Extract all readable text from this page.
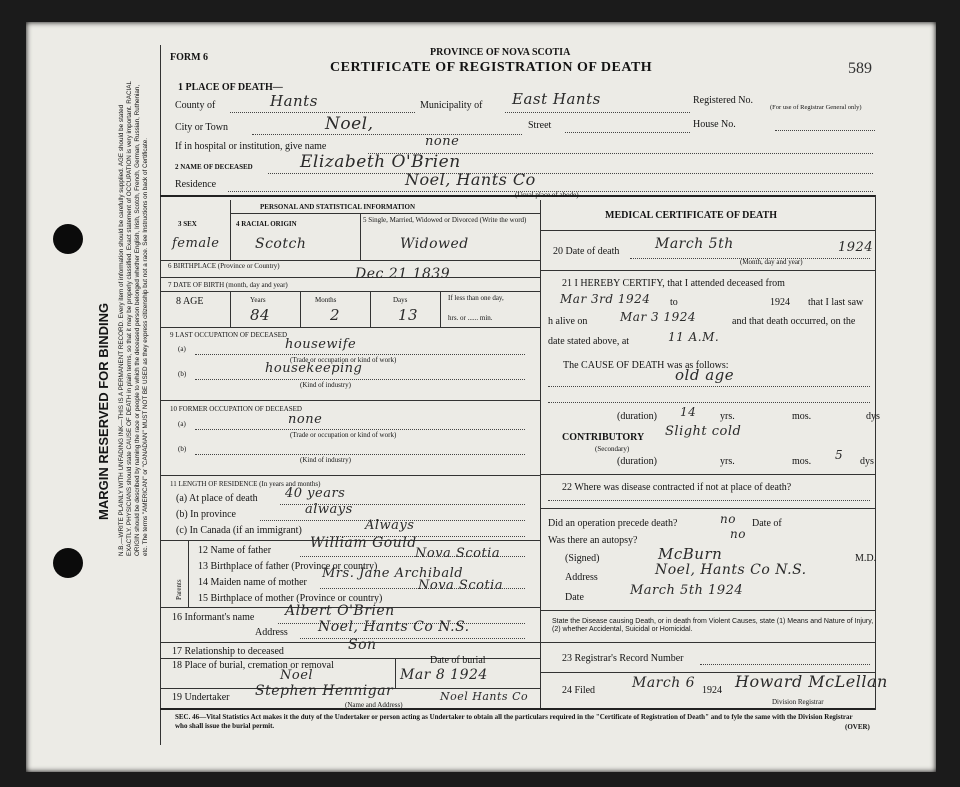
MARGIN RESERVED FOR BINDING N.B.—WRITE PLAINLY WITH UNFADING INK—THIS IS A PERMANENT RECORD. Every item of information should be carefully supplied. AGE should be stated EXACTLY. PHYSICIANS should state CAUSE OF DEATH in plain terms, so that it may be properly classified. Exact statement of OCCUPATION is very important. RACIAL ORIGIN should be described by naming the race or people to which the deceased person belonged whether English, Irish, Scotch, French, German, Russian, Ruthenian, etc. The terms "AMERICAN" or "CANADIAN" MUST NOT BE USED as they express citizenship but not a race. See Instructions on back of Certificate.
FORM 6	PROVINCE OF NOVA SCOTIA
CERTIFICATE OF REGISTRATION OF DEATH	589
1 PLACE OF DEATH—
County of	Hants	Municipality of East Hants	Registered No.
(For use of Registrar General only)
City or Town	Noel,	Street	House No.
If in hospital or institution, give name	none
2 NAME OF DECEASED	Elizabeth O'Brien
Residence	Noel, Hants Co
(Usual place of abode)
PERSONAL AND STATISTICAL INFORMATION
3 SEX
female
4 RACIAL ORIGIN
Scotch
5 Single, Married, Widowed or Divorced (Write the word)
Widowed
6 BIRTHPLACE (Province or Country)
7 DATE OF BIRTH (month, day and year)
Dec 21 1839
8 AGE	Years	Months	Days	If less than one day,
hrs. or ...... min.
84	2	13
9 LAST OCCUPATION OF DECEASED
(a)	housewife
(Trade or occupation or kind of work)
(b)	housekeeping
(Kind of industry)
10 FORMER OCCUPATION OF DECEASED
(a)	none
(Trade or occupation or kind of work)
(b)
(Kind of industry)
11 LENGTH OF RESIDENCE (In years and months)
(a) At place of death 40 years
(b) In province	always
(c) In Canada (if an immigrant)	Always
Parents
12 Name of father	William Gould
13 Birthplace of father (Province or country)
Nova Scotia
14 Maiden name of mother
Mrs. Jane Archibald
15 Birthplace of mother (Province or country)
Nova Scotia
16 Informant's name Albert O'Brien
Address Noel, Hants Co N.S.
17 Relationship to deceased	Son
18 Place of burial, cremation or removal
Noel
Date of burial
Mar 8 1924
19 Undertaker Stephen Hennigar	Noel Hants Co
(Name and Address)
MEDICAL CERTIFICATE OF DEATH
20 Date of death	March 5th	1924
(Month, day and year)
21 I HEREBY CERTIFY, that I attended deceased from
Mar 3rd 1924 to	1924 that I last saw
h alive on	Mar 3 1924	and that death occurred, on the
date stated above, at	11 A.M.
The CAUSE OF DEATH was as follows:
old age
(duration) 14 yrs.	mos.	dys
CONTRIBUTORY
(Secondary)
Slight cold
(duration)	yrs.	mos. 5 dys
22 Where was disease contracted if not at place of death?
Did an operation precede death?	no Date of
Was there an autopsy?	no
(Signed)	McBurn	M.D.
Address	Noel, Hants Co N.S.
Date	March 5th 1924
State the Disease causing Death, or in death from Violent Causes, state (1) Means and Nature of Injury, (2) whether Accidental, Suicidal or Homicidal.
23 Registrar's Record Number
24 Filed	March 6 1924 Howard McLellan
Division Registrar
SEC. 46—Vital Statistics Act makes it the duty of the Undertaker or person acting as Undertaker to obtain all the particulars required in the "Certificate of Registration of Death" and to fyle the same with the Division Registrar who shall issue the burial permit.	(OVER)
